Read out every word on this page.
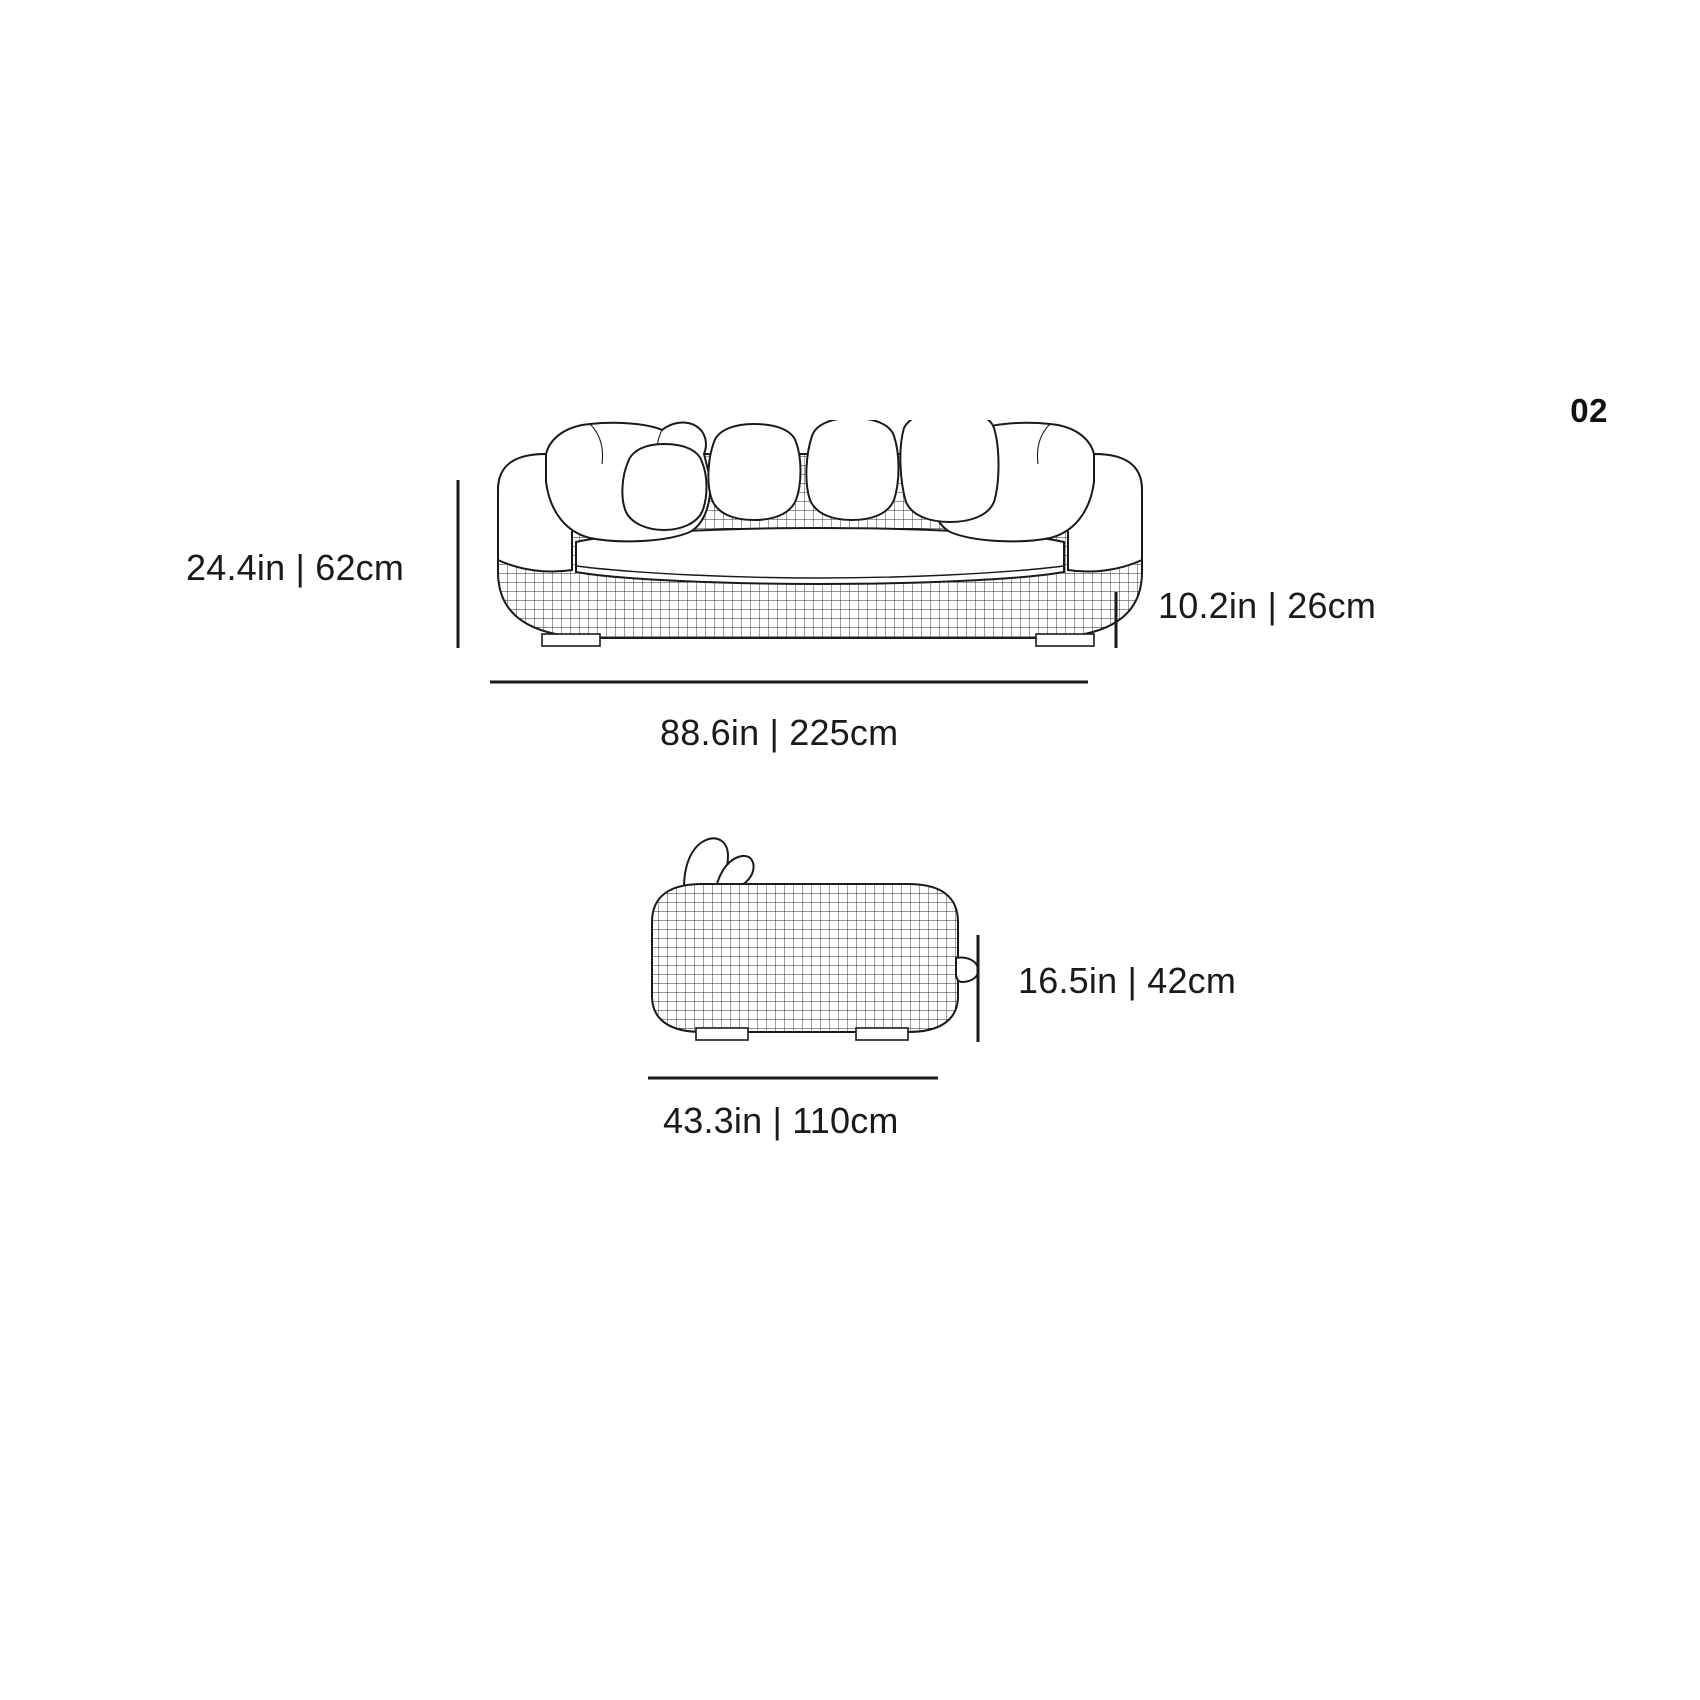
02
24.4in | 62cm
10.2in | 26cm
88.6in | 225cm
16.5in | 42cm
43.3in | 110cm
